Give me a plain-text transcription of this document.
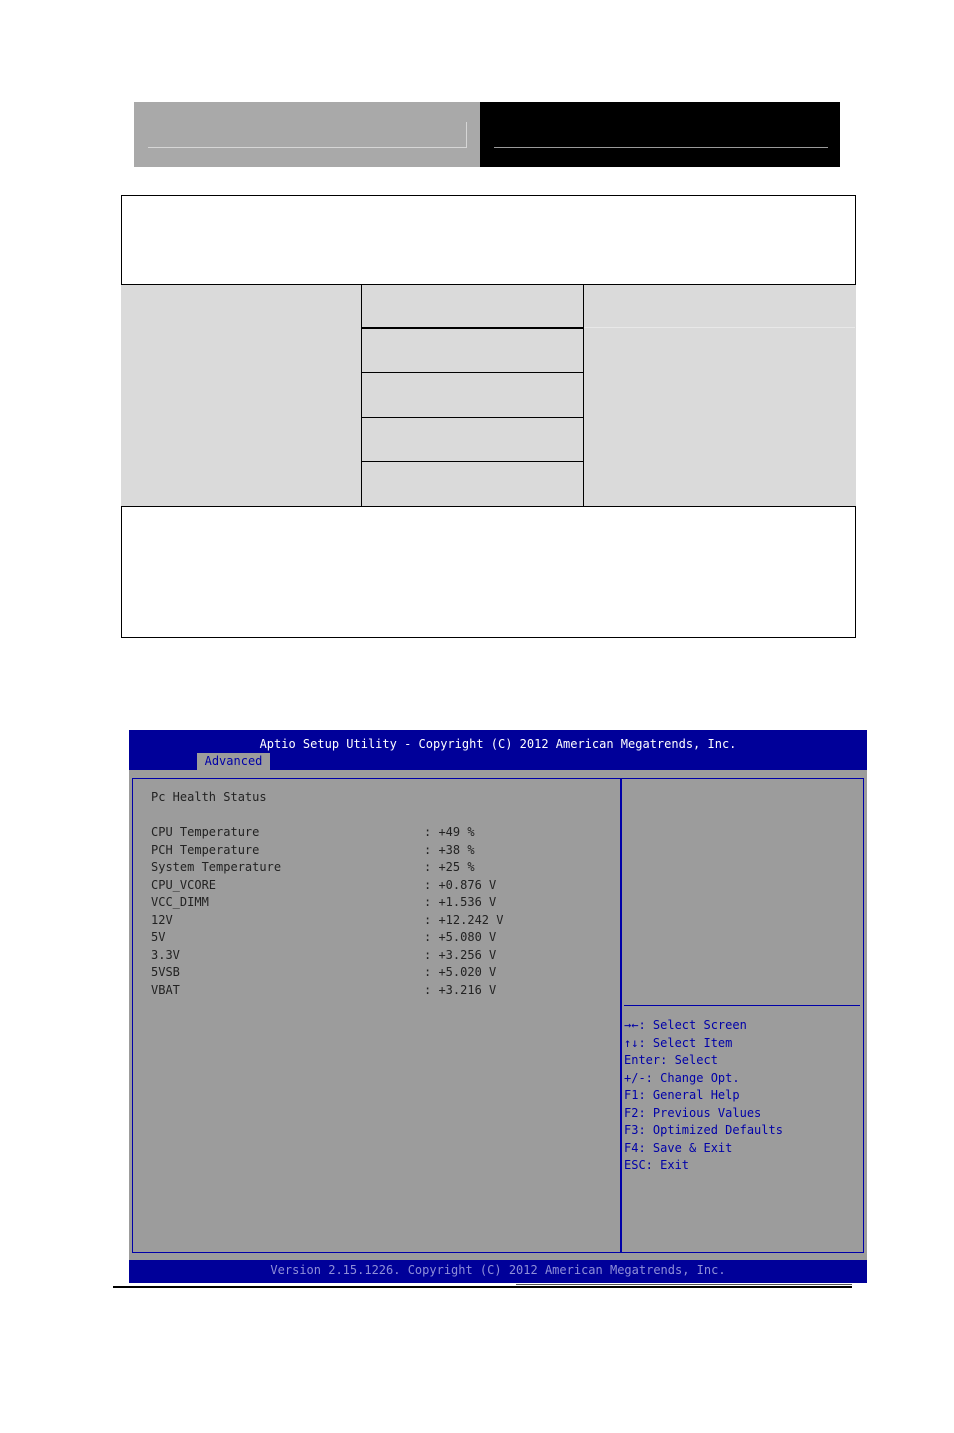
Aptio Setup Utility - Copyright (C) 2012 American Megatrends, Inc.
Advanced
Pc Health Status
CPU Temperature	: +49 %
PCH Temperature	: +38 %
System Temperature	: +25 %
CPU_VCORE	: +0.876 V
VCC_DIMM	: +1.536 V
12V	: +12.242 V
5V	: +5.080 V
3.3V	: +3.256 V
5VSB	: +5.020 V
VBAT	: +3.216 V
→←: Select Screen
↑↓: Select Item
Enter: Select
+/-: Change Opt.
F1: General Help
F2: Previous Values
F3: Optimized Defaults
F4: Save & Exit
ESC: Exit
Version 2.15.1226. Copyright (C) 2012 American Megatrends, Inc.
